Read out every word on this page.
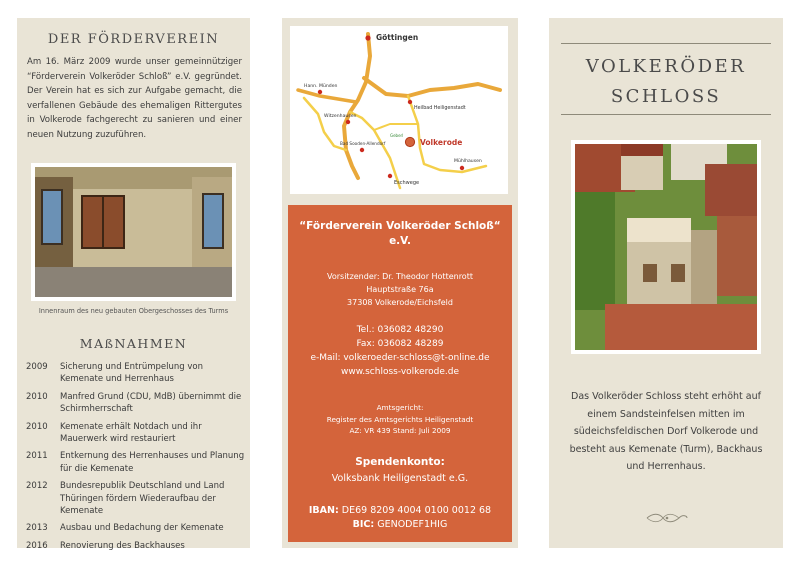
DER FÖRDERVEREIN

Am 16. März 2009 wurde unser gemeinnütziger “Förderverein Volkeröder Schloß” e.V. gegründet. Der Verein hat es sich zur Aufgabe gemacht, die verfallenen Gebäude des ehemaligen Rittergutes in Volkerode fachgerecht zu sanieren und einer neuen Nutzung zuzuführen.

Innenraum des neu gebauten Obergeschosses des Turms

MAßNAHMEN
2009	Sicherung und Entrümpelung von Kemenate und Herrenhaus
2010	Manfred Grund (CDU, MdB) übernimmt die Schirmherrschaft
2010	Kemenate erhält Notdach und ihr Mauerwerk wird restauriert
2011	Entkernung des Herrenhauses und Planung für die Kemenate
2012	Bundesrepublik Deutschland und Land Thüringen fördern Wiederaufbau der Kemenate
2013	Ausbau und Bedachung der Kemenate
2016	Renovierung des Backhauses
Göttingen
Hann. Münden
Heilbad Heiligenstadt
Witzenhausen
Geberl
Volkerode
Bad Sooden-Allendorf
Mühlhausen
Eschwege

“Förderverein Volkeröder Schloß“
e.V.

Vorsitzender: Dr. Theodor Hottenrott
Hauptstraße 76a
37308 Volkerode/Eichsfeld

Tel.: 036082 48290
Fax: 036082 48289
e-Mail: volkeroeder-schloss@t-online.de
www.schloss-volkerode.de

Amtsgericht:
Register des Amtsgerichts Heiligenstadt
AZ: VR 439 Stand: Juli 2009

Spendenkonto:

Volksbank Heiligenstadt e.G.

IBAN: DE69 8209 4004 0100 0012 68

BIC: GENODEF1HIG

VOLKERÖDER
SCHLOSS

Das Volkeröder Schloss steht erhöht auf einem Sandsteinfelsen mitten im südeichsfeldischen Dorf Volkerode und besteht aus Kemenate (Turm), Backhaus und Herrenhaus.
